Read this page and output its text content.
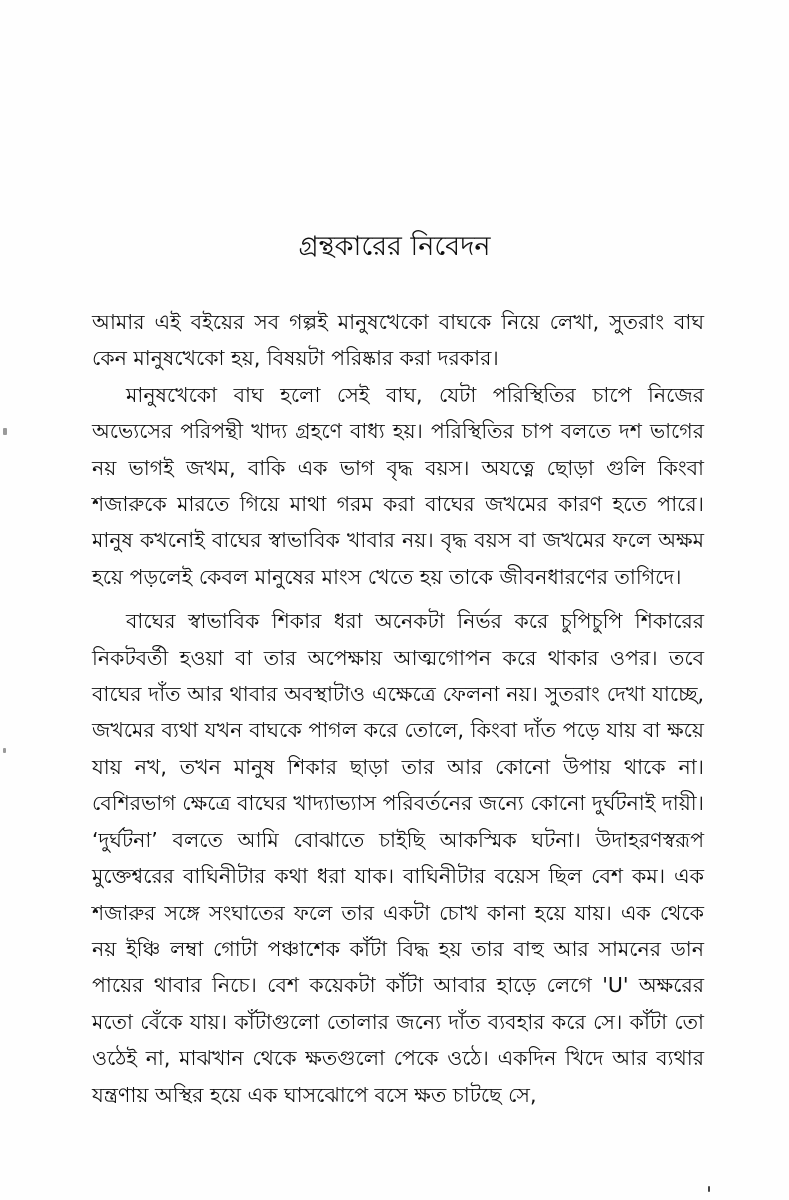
গ্রন্থকারের নিবেদন

আমার এই বইয়ের সব গল্পই মানুষখেকো বাঘকে নিয়ে লেখা, সুতরাং বাঘ কেন মানুষখেকো হয়, বিষয়টা পরিষ্কার করা দরকার।

মানুষখেকো বাঘ হলো সেই বাঘ, যেটা পরিস্থিতির চাপে নিজের অভ্যেসের পরিপন্থী খাদ্য গ্রহণে বাধ্য হয়। পরিস্থিতির চাপ বলতে দশ ভাগের নয় ভাগই জখম, বাকি এক ভাগ বৃদ্ধ বয়স। অযত্নে ছোড়া গুলি কিংবা শজারুকে মারতে গিয়ে মাথা গরম করা বাঘের জখমের কারণ হতে পারে। মানুষ কখনোই বাঘের স্বাভাবিক খাবার নয়। বৃদ্ধ বয়স বা জখমের ফলে অক্ষম হয়ে পড়লেই কেবল মানুষের মাংস খেতে হয় তাকে জীবনধারণের তাগিদে।

বাঘের স্বাভাবিক শিকার ধরা অনেকটা নির্ভর করে চুপিচুপি শিকারের নিকটবর্তী হওয়া বা তার অপেক্ষায় আত্মগোপন করে থাকার ওপর। তবে বাঘের দাঁত আর থাবার অবস্থাটাও এক্ষেত্রে ফেলনা নয়। সুতরাং দেখা যাচ্ছে, জখমের ব্যথা যখন বাঘকে পাগল করে তোলে, কিংবা দাঁত পড়ে যায় বা ক্ষয়ে যায় নখ, তখন মানুষ শিকার ছাড়া তার আর কোনো উপায় থাকে না। বেশিরভাগ ক্ষেত্রে বাঘের খাদ্যাভ্যাস পরিবর্তনের জন্যে কোনো দুর্ঘটনাই দায়ী। ‘দুর্ঘটনা’ বলতে আমি বোঝাতে চাইছি আকস্মিক ঘটনা। উদাহরণস্বরূপ মুক্তেশ্বরের বাঘিনীটার কথা ধরা যাক। বাঘিনীটার বয়েস ছিল বেশ কম। এক শজারুর সঙ্গে সংঘাতের ফলে তার একটা চোখ কানা হয়ে যায়। এক থেকে নয় ইঞ্চি লম্বা গোটা পঞ্চাশেক কাঁটা বিদ্ধ হয় তার বাহু আর সামনের ডান পায়ের থাবার নিচে। বেশ কয়েকটা কাঁটা আবার হাড়ে লেগে 'U' অক্ষরের মতো বেঁকে যায়। কাঁটাগুলো তোলার জন্যে দাঁত ব্যবহার করে সে। কাঁটা তো ওঠেই না, মাঝখান থেকে ক্ষতগুলো পেকে ওঠে। একদিন খিদে আর ব্যথার যন্ত্রণায় অস্থির হয়ে এক ঘাসঝোপে বসে ক্ষত চাটছে সে,
